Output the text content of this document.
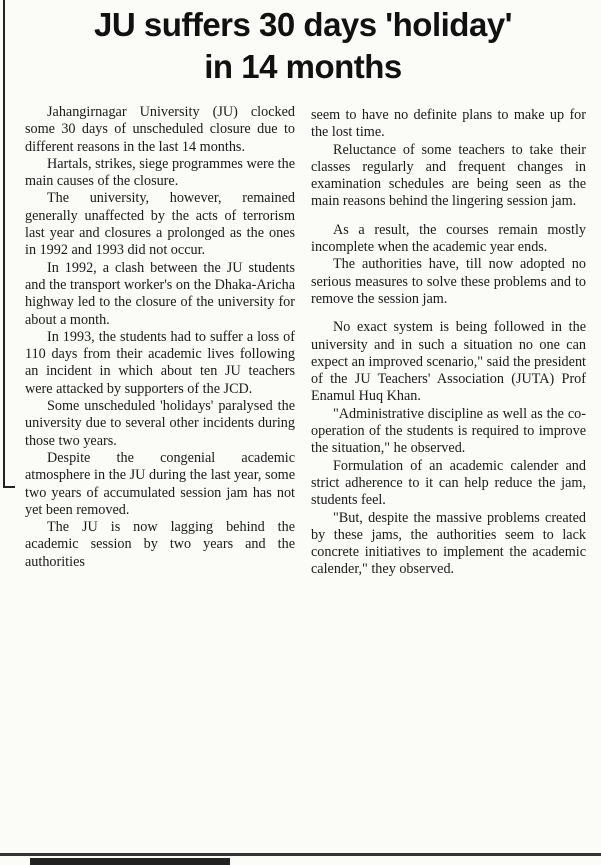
JU suffers 30 days 'holiday'
in 14 months

Jahangirnagar University (JU) clocked some 30 days of unscheduled closure due to different reasons in the last 14 months.

Hartals, strikes, siege programmes were the main causes of the closure.

The university, however, remained generally unaffected by the acts of terrorism last year and closures a prolonged as the ones in 1992 and 1993 did not occur.

In 1992, a clash between the JU students and the transport worker's on the Dhaka-Aricha highway led to the closure of the university for about a month.

In 1993, the students had to suffer a loss of 110 days from their academic lives following an incident in which about ten JU teachers were attacked by supporters of the JCD.

Some unscheduled 'holidays' paralysed the university due to several other incidents during those two years.

Despite the congenial academic atmosphere in the JU during the last year, some two years of accumulated session jam has not yet been removed.

The JU is now lagging behind the academic session by two years and the authorities

seem to have no definite plans to make up for the lost time.

Reluctance of some teachers to take their classes regularly and frequent changes in examination schedules are being seen as the main reasons behind the lingering session jam.

As a result, the courses remain mostly incomplete when the academic year ends.

The authorities have, till now adopted no serious measures to solve these problems and to remove the session jam.

No exact system is being followed in the university and in such a situation no one can expect an improved scenario," said the president of the JU Teachers' Association (JUTA) Prof Enamul Huq Khan.

"Administrative discipline as well as the co-operation of the students is required to improve the situation," he observed.

Formulation of an academic calender and strict adherence to it can help reduce the jam, students feel.

"But, despite the massive problems created by these jams, the authorities seem to lack concrete initiatives to implement the academic calender," they observed.
